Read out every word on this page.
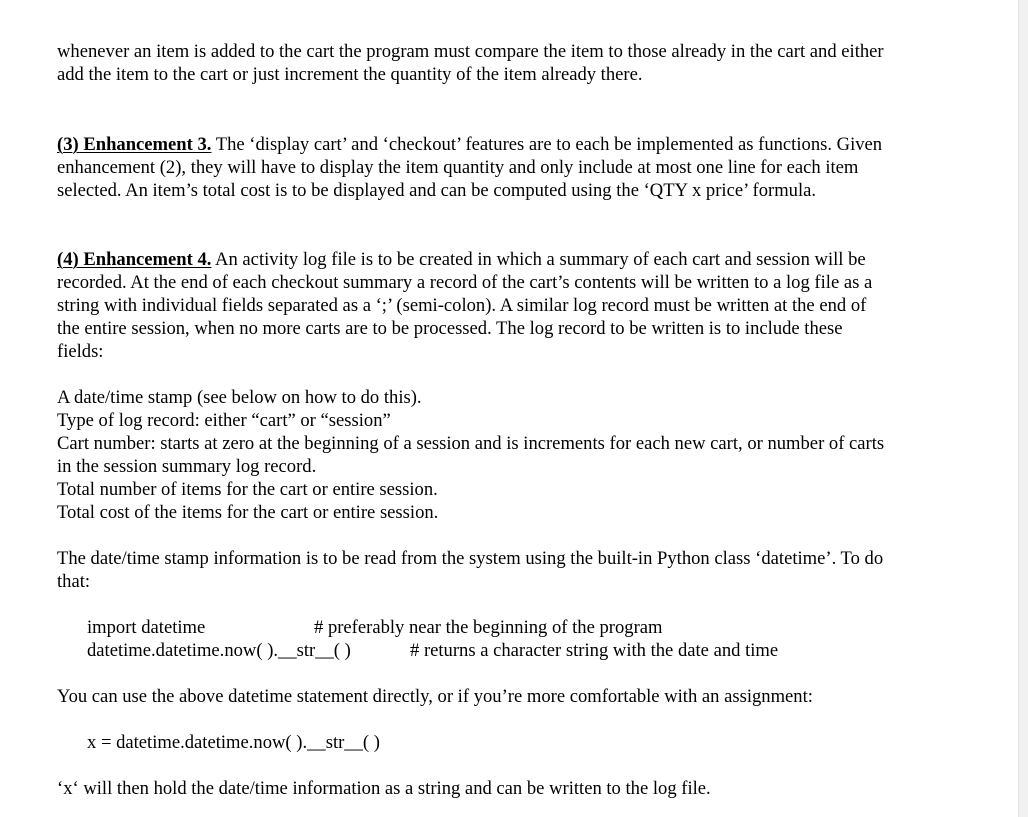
whenever an item is added to the cart the program must compare the item to those already in the cart and either
add the item to the cart or just increment the quantity of the item already there.
(3) Enhancement 3. The ‘display cart’ and ‘checkout’ features are to each be implemented as functions. Given
enhancement (2), they will have to display the item quantity and only include at most one line for each item
selected. An item’s total cost is to be displayed and can be computed using the ‘QTY x price’ formula.
(4) Enhancement 4. An activity log file is to be created in which a summary of each cart and session will be
recorded. At the end of each checkout summary a record of the cart’s contents will be written to a log file as a
string with individual fields separated as a ‘;’ (semi-colon). A similar log record must be written at the end of
the entire session, when no more carts are to be processed. The log record to be written is to include these
fields:
A date/time stamp (see below on how to do this).
Type of log record: either “cart” or “session”
Cart number: starts at zero at the beginning of a session and is increments for each new cart, or number of carts
in the session summary log record.
Total number of items for the cart or entire session.
Total cost of the items for the cart or entire session.
The date/time stamp information is to be read from the system using the built-in Python class ‘datetime’. To do
that:
import datetime	# preferably near the beginning of the program
datetime.datetime.now( ).__str__( )	# returns a character string with the date and time
You can use the above datetime statement directly, or if you’re more comfortable with an assignment:
x = datetime.datetime.now( ).__str__( )
‘x‘ will then hold the date/time information as a string and can be written to the log file.
